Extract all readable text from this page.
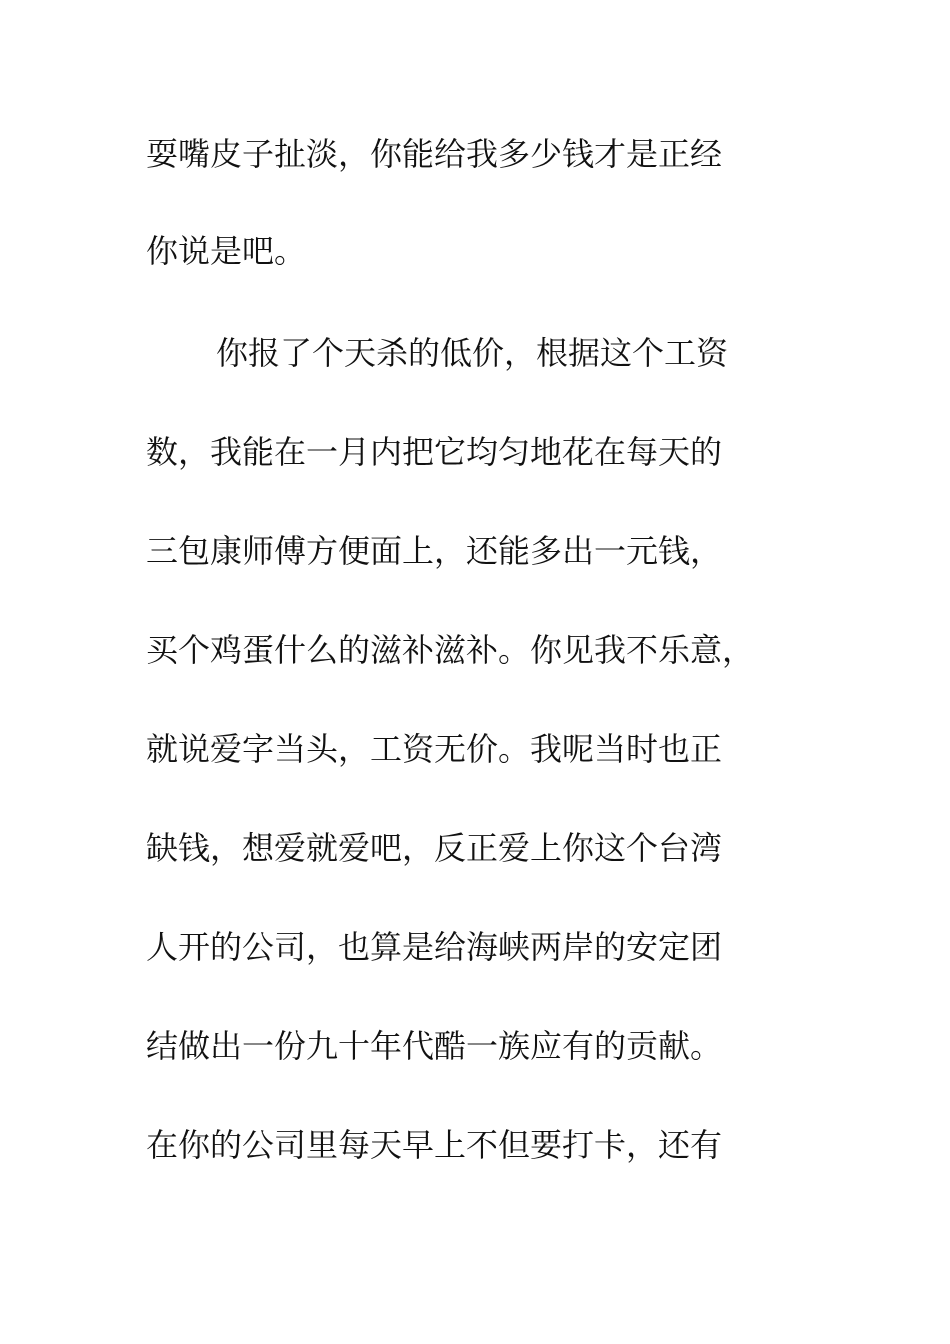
耍嘴皮子扯淡，你能给我多少钱才是正经
你说是吧。
你报了个天杀的低价，根据这个工资
数，我能在一月内把它均匀地花在每天的
三包康师傅方便面上，还能多出一元钱，
买个鸡蛋什么的滋补滋补。你见我不乐意，
就说爱字当头，工资无价。我呢当时也正
缺钱，想爱就爱吧，反正爱上你这个台湾
人开的公司，也算是给海峡两岸的安定团
结做出一份九十年代酷一族应有的贡献。
在你的公司里每天早上不但要打卡，还有
